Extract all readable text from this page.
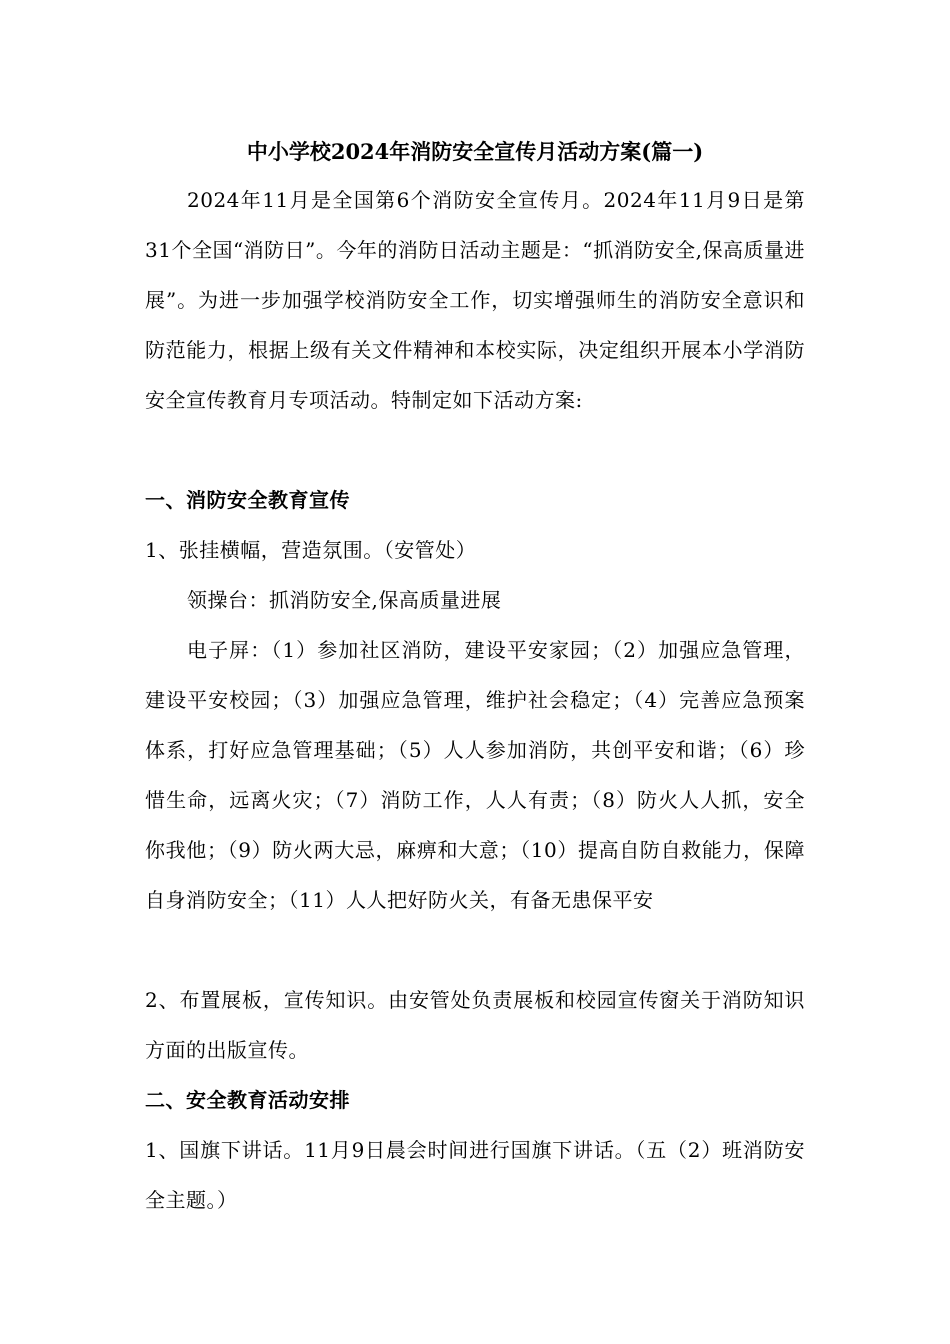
中小学校2024年消防安全宣传月活动方案(篇一)
2024年11月是全国第6个消防安全宣传月。2024年11月9日是第31个全国“消防日”。今年的消防日活动主题是：“抓消防安全,保高质量进展”。为进一步加强学校消防安全工作，切实增强师生的消防安全意识和防范能力，根据上级有关文件精神和本校实际，决定组织开展本小学消防安全宣传教育月专项活动。特制定如下活动方案:
一、消防安全教育宣传
1、张挂横幅，营造氛围。（安管处）
领操台：抓消防安全,保高质量进展
电子屏：（1）参加社区消防，建设平安家园；（2）加强应急管理，建设平安校园；（3）加强应急管理，维护社会稳定；（4）完善应急预案体系，打好应急管理基础；（5）人人参加消防，共创平安和谐；（6）珍惜生命，远离火灾；（7）消防工作，人人有责；（8）防火人人抓，安全你我他；（9）防火两大忌，麻痹和大意；（10）提高自防自救能力，保障自身消防安全；（11）人人把好防火关，有备无患保平安
2、布置展板，宣传知识。由安管处负责展板和校园宣传窗关于消防知识方面的出版宣传。
二、安全教育活动安排
1、国旗下讲话。11月9日晨会时间进行国旗下讲话。（五（2）班消防安全主题。）
